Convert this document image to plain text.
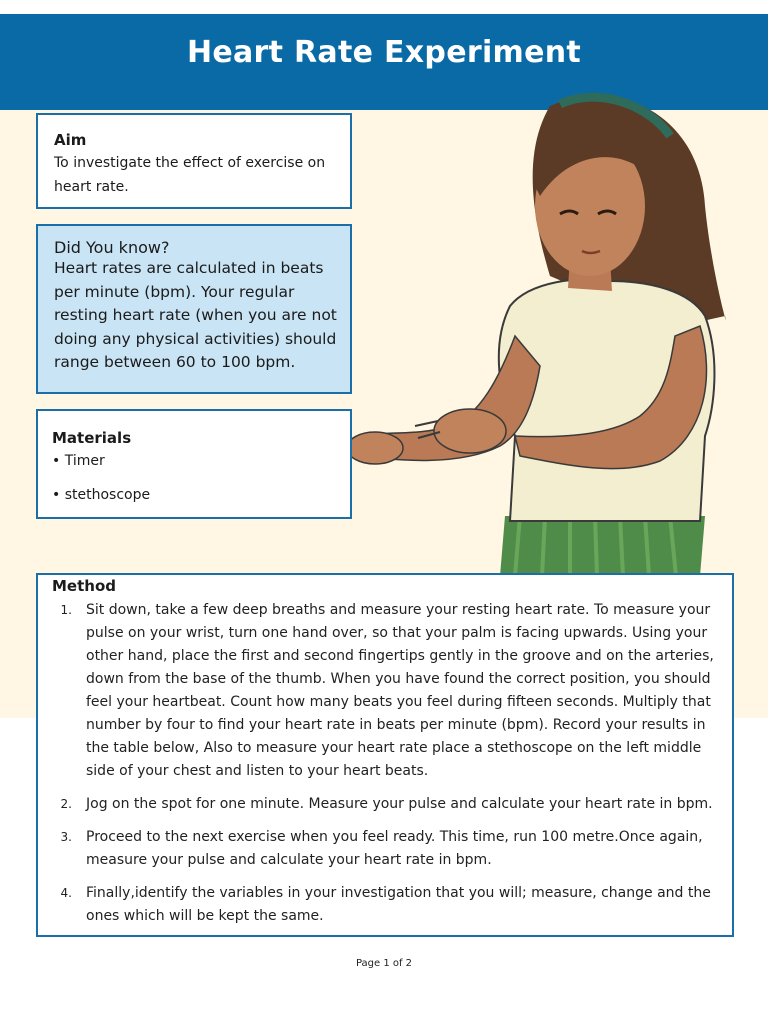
Heart Rate Experiment
Aim
To investigate the effect of exercise on heart rate.
Did You know?
Heart rates are calculated in beats per minute (bpm). Your regular resting heart rate (when you are not doing any physical activities) should range between 60 to 100 bpm.
Materials
• Timer
• stethoscope
Method
1.	Sit down, take a few deep breaths and measure your resting heart rate. To measure your pulse on your wrist, turn one hand over, so that your palm is facing upwards. Using your other hand, place the first and second fingertips gently in the groove and on the arteries, down from the base of the thumb. When you have found the correct position, you should feel your heartbeat. Count how many beats you feel during fifteen seconds. Multiply that number by four to find your heart rate in beats per minute (bpm). Record your results in the table below, Also to measure your heart rate place a stethoscope on the left middle side of your chest and listen to your heart beats.
2.	Jog on the spot for one minute. Measure your pulse and calculate your heart rate in bpm.
3.	Proceed to the next exercise when you feel ready. This time, run 100 metre.Once again, measure your pulse and calculate your heart rate in bpm.
4.	Finally,identify the variables in your investigation that you will; measure, change and the ones which will be kept the same.
Page 1 of 2
